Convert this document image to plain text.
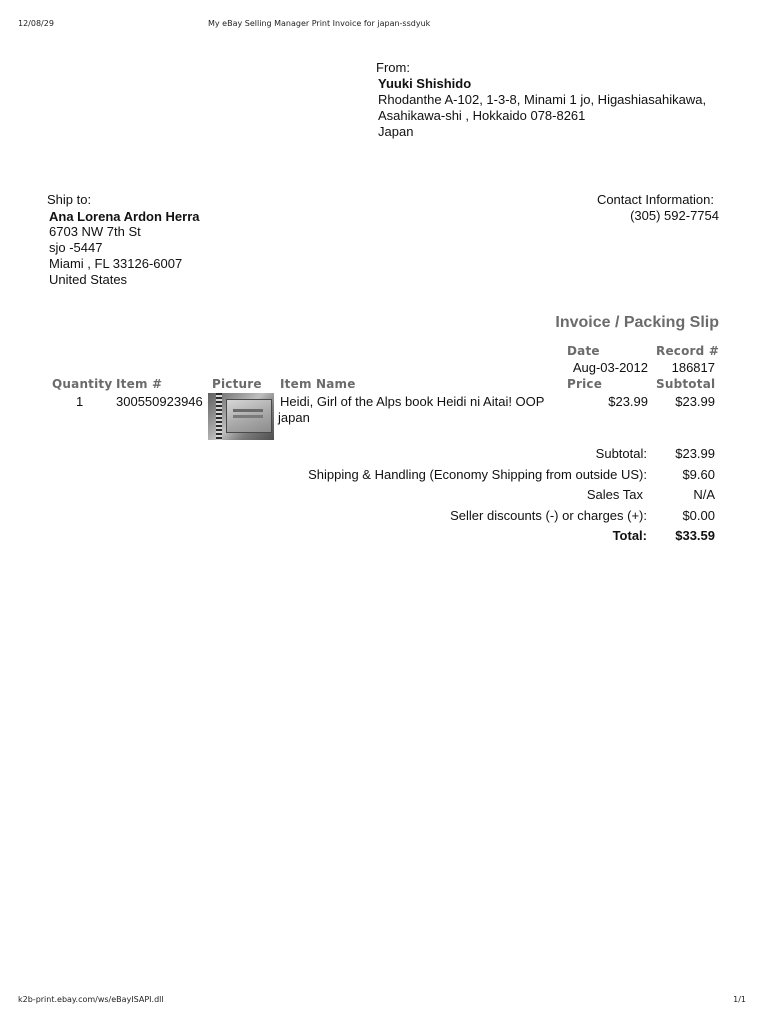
12/08/29	My eBay Selling Manager Print Invoice for japan-ssdyuk
From:
Yuuki Shishido
Rhodanthe A-102, 1-3-8, Minami 1 jo, Higashiasahikawa,
Asahikawa-shi , Hokkaido 078-8261
Japan
Ship to:
Ana Lorena Ardon Herra
6703 NW 7th St
sjo -5447
Miami , FL 33126-6007
United States
Contact Information:
(305) 592-7754
Invoice / Packing Slip
Date	Record #
Aug-03-2012 186817
Quantity Item #	Picture Item Name	Price	Subtotal
1	300550923946	Heidi, Girl of the Alps book Heidi ni Aitai! OOP
japan
$23.99 $23.99
Subtotal: $23.99
Shipping & Handling (Economy Shipping from outside US):	$9.60
Sales Tax	N/A
Seller discounts (-) or charges (+):	$0.00
Total: $33.59
k2b-print.ebay.com/ws/eBayISAPI.dll	1/1
